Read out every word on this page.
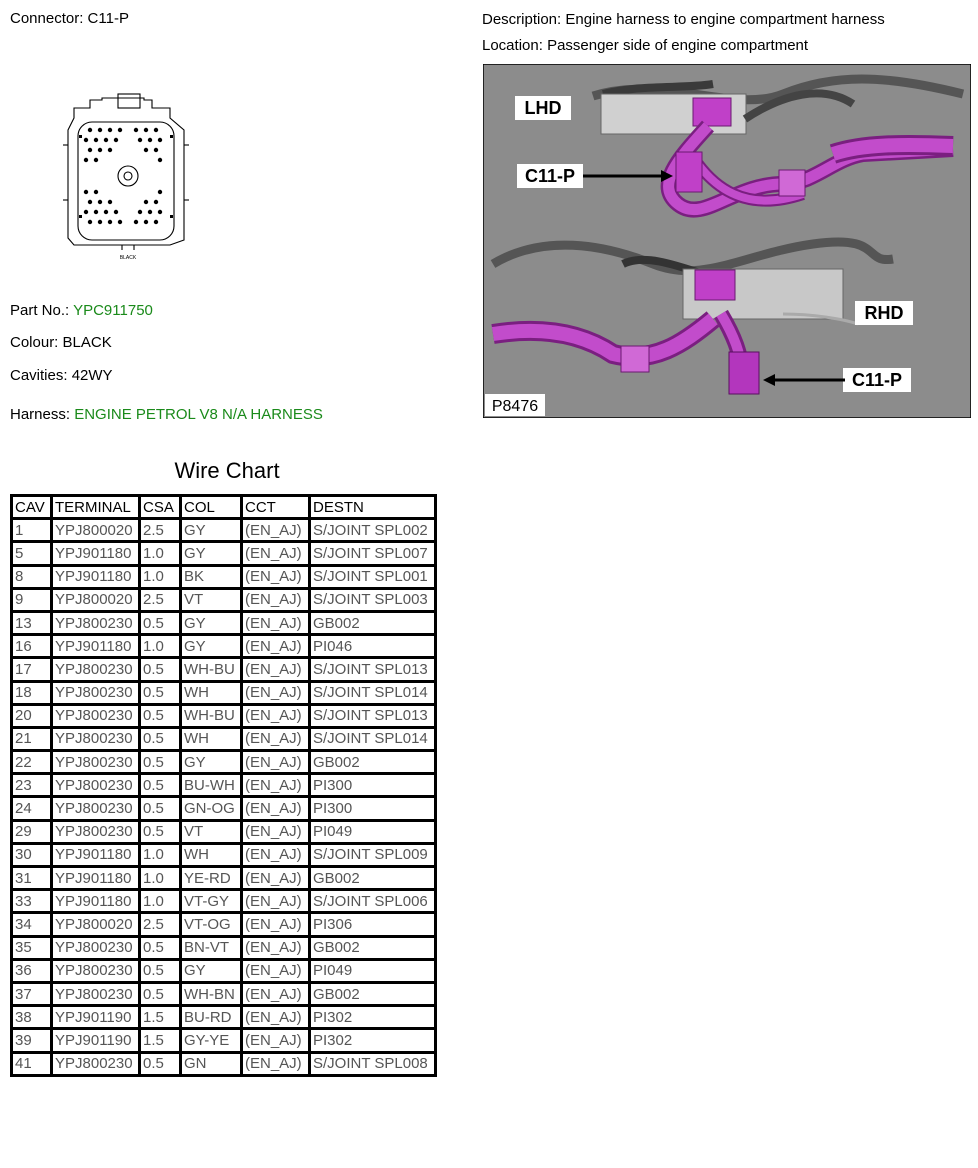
Connector: C11-P	Description: Engine harness to engine compartment harness
Location: Passenger side of engine compartment
BLACK
Part No.: YPC911750
Colour: BLACK
Cavities: 42WY
Harness: ENGINE PETROL V8 N/A HARNESS
LHD
C11-P
RHD
C11-P
P8476
Wire Chart
CAV	TERMINAL	CSA	COL	CCT	DESTN
1	YPJ800020	2.5	GY	(EN_AJ)	S/JOINT SPL002
5	YPJ901180	1.0	GY	(EN_AJ)	S/JOINT SPL007
8	YPJ901180	1.0	BK	(EN_AJ)	S/JOINT SPL001
9	YPJ800020	2.5	VT	(EN_AJ)	S/JOINT SPL003
13	YPJ800230	0.5	GY	(EN_AJ)	GB002
16	YPJ901180	1.0	GY	(EN_AJ)	PI046
17	YPJ800230	0.5	WH-BU	(EN_AJ)	S/JOINT SPL013
18	YPJ800230	0.5	WH	(EN_AJ)	S/JOINT SPL014
20	YPJ800230	0.5	WH-BU	(EN_AJ)	S/JOINT SPL013
21	YPJ800230	0.5	WH	(EN_AJ)	S/JOINT SPL014
22	YPJ800230	0.5	GY	(EN_AJ)	GB002
23	YPJ800230	0.5	BU-WH	(EN_AJ)	PI300
24	YPJ800230	0.5	GN-OG	(EN_AJ)	PI300
29	YPJ800230	0.5	VT	(EN_AJ)	PI049
30	YPJ901180	1.0	WH	(EN_AJ)	S/JOINT SPL009
31	YPJ901180	1.0	YE-RD	(EN_AJ)	GB002
33	YPJ901180	1.0	VT-GY	(EN_AJ)	S/JOINT SPL006
34	YPJ800020	2.5	VT-OG	(EN_AJ)	PI306
35	YPJ800230	0.5	BN-VT	(EN_AJ)	GB002
36	YPJ800230	0.5	GY	(EN_AJ)	PI049
37	YPJ800230	0.5	WH-BN	(EN_AJ)	GB002
38	YPJ901190	1.5	BU-RD	(EN_AJ)	PI302
39	YPJ901190	1.5	GY-YE	(EN_AJ)	PI302
41	YPJ800230	0.5	GN	(EN_AJ)	S/JOINT SPL008
